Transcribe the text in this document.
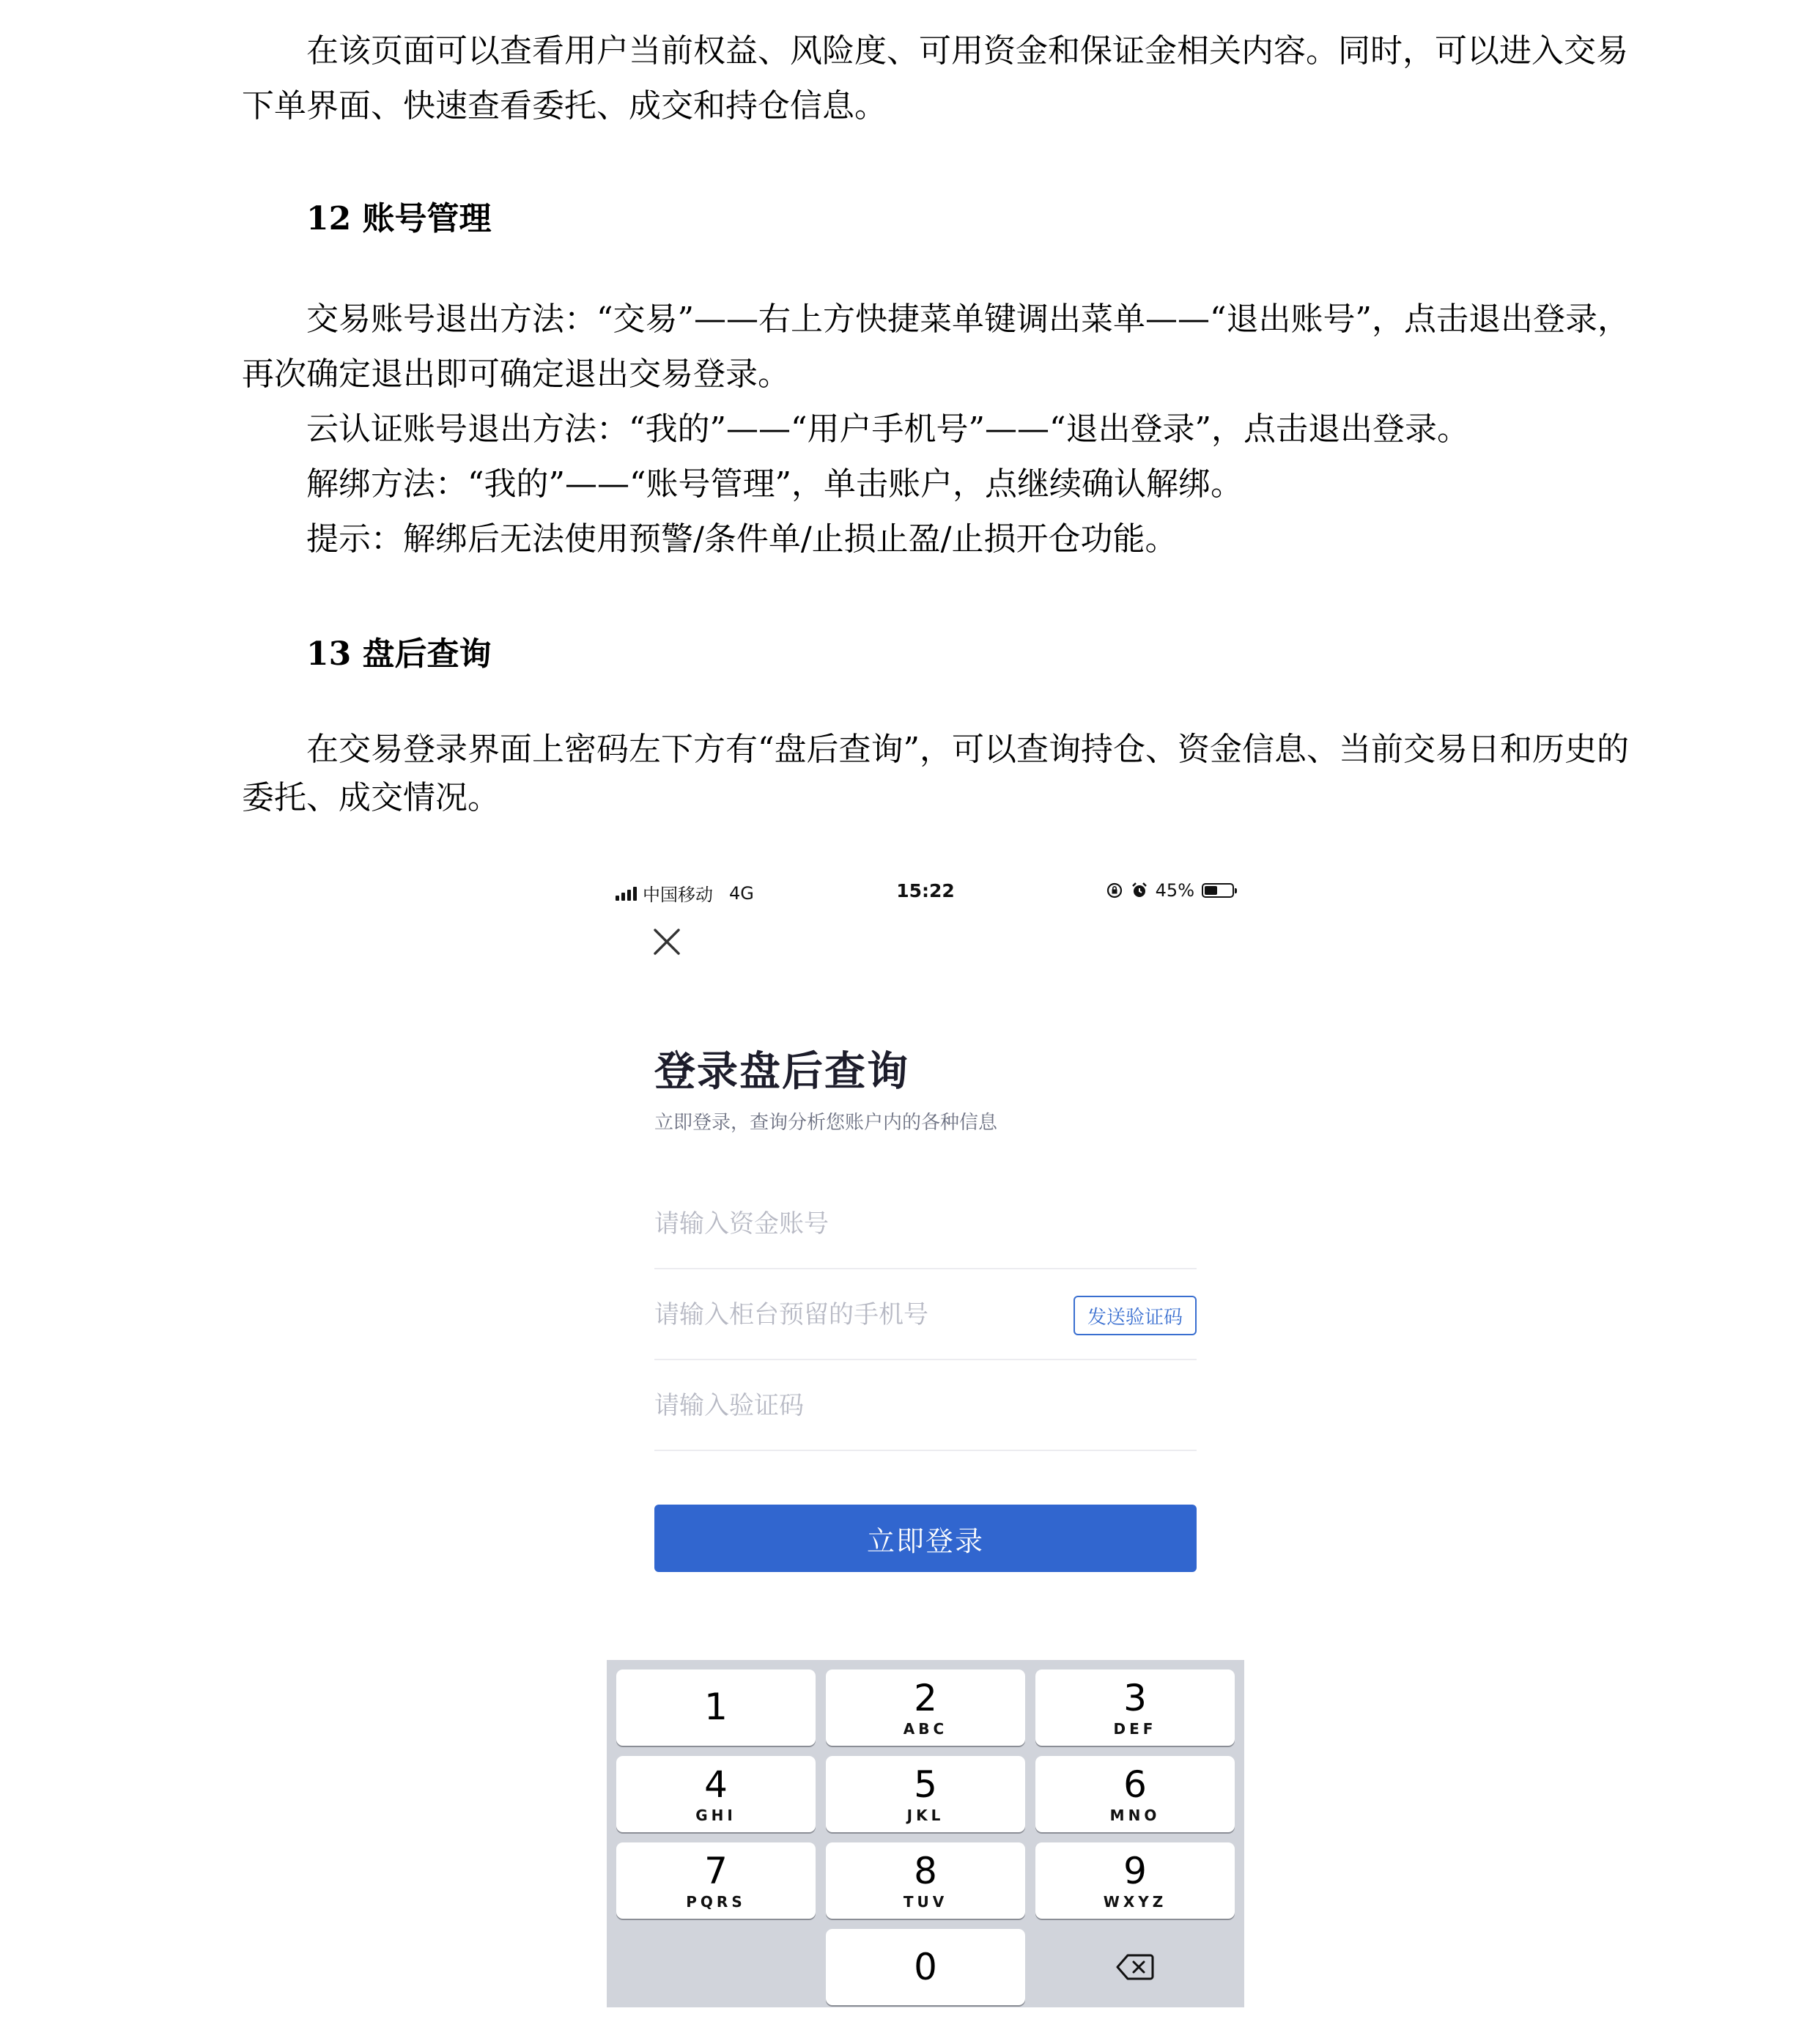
在该页面可以查看用户当前权益、风险度、可用资金和保证金相关内容。同时，可以进入交易下单界面、快速查看委托、成交和持仓信息。

12 账号管理

交易账号退出方法：“交易”——右上方快捷菜单键调出菜单——“退出账号”，点击退出登录，再次确定退出即可确定退出交易登录。

云认证账号退出方法：“我的”——“用户手机号”——“退出登录”，点击退出登录。

解绑方法：“我的”——“账号管理”，单击账户，点继续确认解绑。

提示：解绑后无法使用预警/条件单/止损止盈/止损开仓功能。

13 盘后查询

在交易登录界面上密码左下方有“盘后查询”，可以查询持仓、资金信息、当前交易日和历史的委托、成交情况。

中国移动 4G	15:22	45%
登录盘后查询
立即登录，查询分析您账户内的各种信息
请输入资金账号
请输入柜台预留的手机号
发送验证码
请输入验证码
立即登录
1	2
ABC
3
DEF
4
GHI
5
JKL
6
MNO
7
PQRS
8
TUV
9
WXYZ
0
